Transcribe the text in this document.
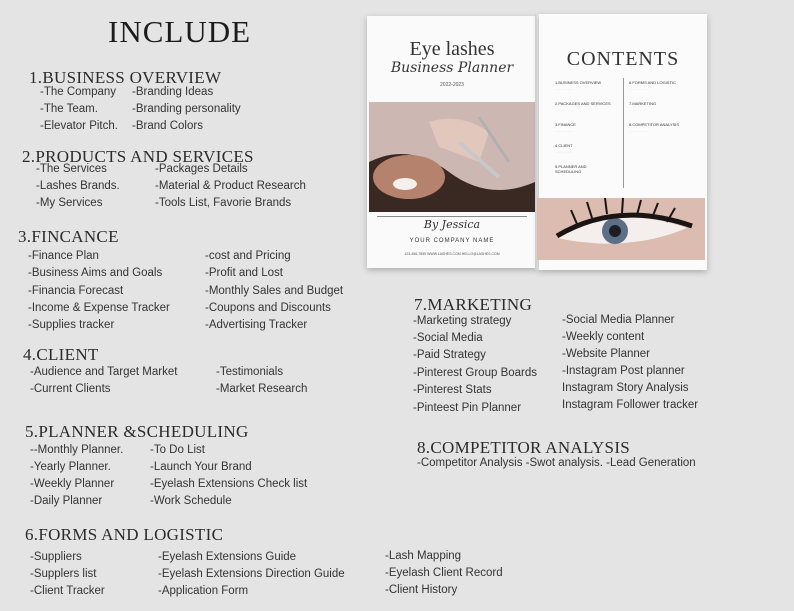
INCLUDE
1.BUSINESS OVERVIEW
-The Company
-The Team.
-Elevator Pitch.
-Branding Ideas
-Branding personality
-Brand Colors
2.PRODUCTS AND SERVICES
-The Services
-Lashes Brands.
-My Services
-Packages Details
-Material & Product Research
-Tools List, Favorie Brands
3.FINCANCE
-Finance Plan
-Business Aims and Goals
-Financia Forecast
-Income & Expense Tracker
-Supplies tracker
-cost and Pricing
-Profit and Lost
-Monthly Sales and Budget
-Coupons and Discounts
-Advertising Tracker
4.CLIENT
-Audience and Target Market
-Current Clients
-Testimonials
-Market Research
5.PLANNER &SCHEDULING
--Monthly Planner.
-Yearly Planner.
-Weekly Planner
-Daily Planner
-To Do List
-Launch Your Brand
-Eyelash Extensions Check list
-Work Schedule
6.FORMS AND LOGISTIC
-Suppliers
-Supplers list
-Client Tracker
-Eyelash Extensions Guide
-Eyelash Extensions Direction Guide
-Application Form
-Lash Mapping
-Eyelash Client Record
-Client History
7.MARKETING
-Marketing strategy
-Social Media
-Paid Strategy
-Pinterest Group Boards
-Pinterest Stats
-Pinteest Pin Planner
-Social Media Planner
-Weekly content
-Website Planner
-Instagram Post planner
Instagram Story Analysis
Instagram Follower tracker
8.COMPETITOR ANALYSIS
-Competitor Analysis -Swot analysis. -Lead Generation
Eye lashes
Business Planner
2022-2023
By Jessica
YOUR COMPANY NAME
123-456-7890 WWW.LASHES.COM HELLO@LASHES.COM
CONTENTS
1.BUSINESS OVERVIEW
· · · · · · · · · ·
2.PACKAGES AND SERVICES
· · · · · · · · · ·
3.FINANCE
· · · · · · · · · ·
4.CLIENT
· · · · · · · · · ·
5.PLANNER AND SCHEDULING
6.FORMS AND LOGISTIC
· · · · · · · · · ·
7.MARKETING
· · · · · · · · · ·
8.COMPETITOR ANALYSIS
· · · · · · · · · ·
